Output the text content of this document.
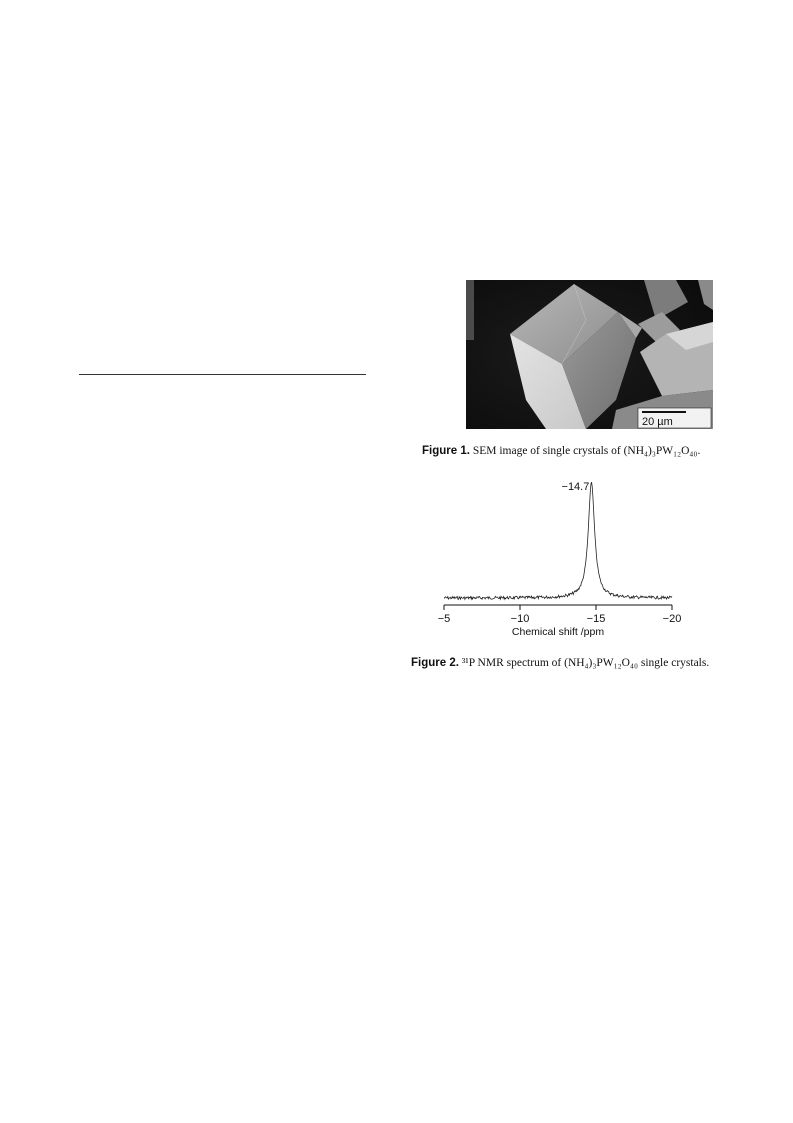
20 µm
Figure 1. SEM image of single crystals of (NH₄)₃PW₁₂O₄₀.
−14.7
−5	−10	−15	−20
Chemical shift /ppm
Figure 2. ³¹P NMR spectrum of (NH₄)₃PW₁₂O₄₀ single crystals.
